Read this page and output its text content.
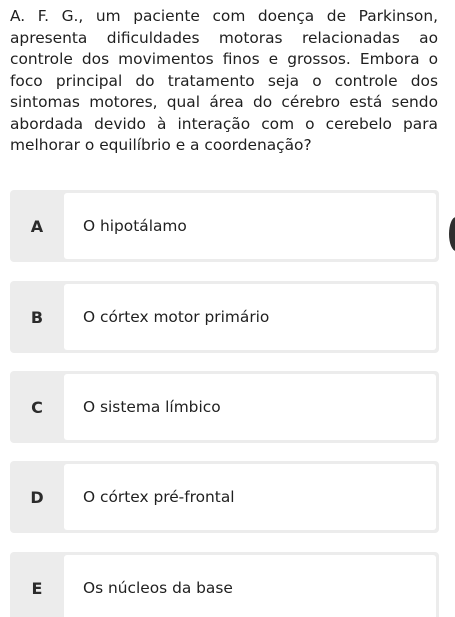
A. F. G., um paciente com doença de Parkinson, apresenta dificuldades motoras relacionadas ao controle dos movimentos finos e grossos. Embora o foco principal do tratamento seja o controle dos sintomas motores, qual área do cérebro está sendo abordada devido à interação com o cerebelo para melhorar o equilíbrio e a coordenação?

A	O hipotálamo
B	O córtex motor primário
C	O sistema límbico
D	O córtex pré-frontal
E	Os núcleos da base
